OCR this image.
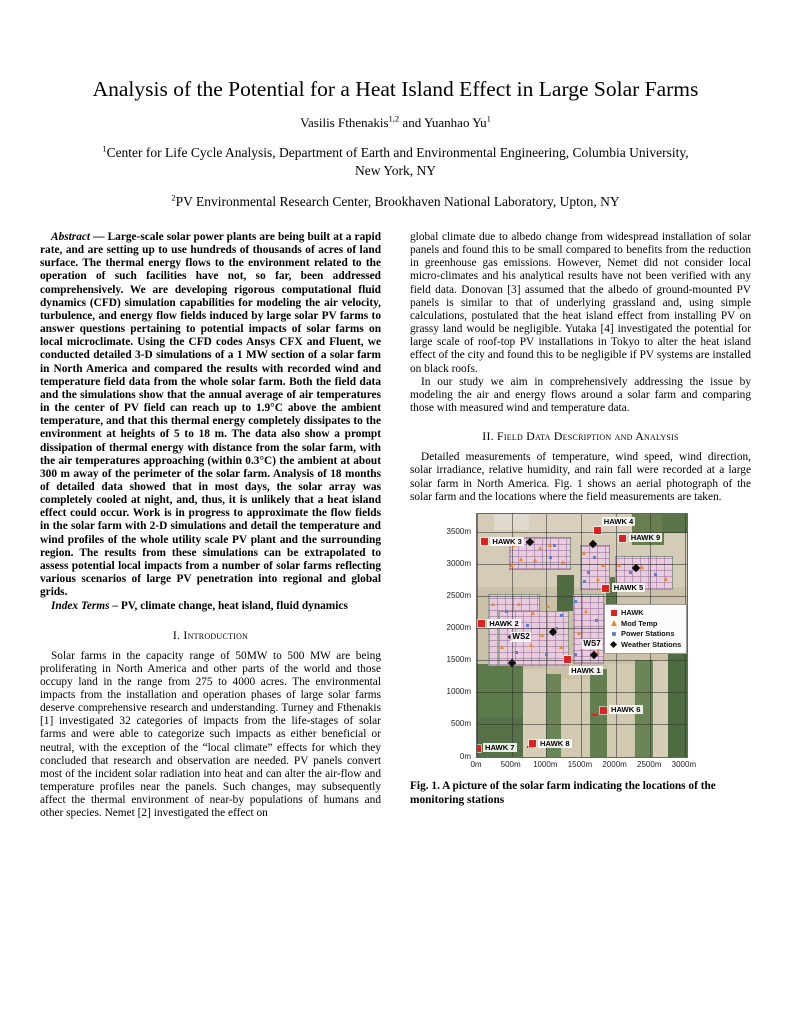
Analysis of the Potential for a Heat Island Effect in Large Solar Farms
Vasilis Fthenakis$^{1,2}$ and Yuanhao Yu$^1$
$^1$Center for Life Cycle Analysis, Department of Earth and Environmental Engineering, Columbia University, New York, NY
$^2$PV Environmental Research Center, Brookhaven National Laboratory, Upton, NY

Abstract — Large-scale solar power plants are being built at a rapid rate, and are setting up to use hundreds of thousands of acres of land surface. The thermal energy flows to the environment related to the operation of such facilities have not, so far, been addressed comprehensively. We are developing rigorous computational fluid dynamics (CFD) simulation capabilities for modeling the air velocity, turbulence, and energy flow fields induced by large solar PV farms to answer questions pertaining to potential impacts of solar farms on local microclimate. Using the CFD codes Ansys CFX and Fluent, we conducted detailed 3-D simulations of a 1 MW section of a solar farm in North America and compared the results with recorded wind and temperature field data from the whole solar farm. Both the field data and the simulations show that the annual average of air temperatures in the center of PV field can reach up to 1.9°C above the ambient temperature, and that this thermal energy completely dissipates to the environment at heights of 5 to 18 m. The data also show a prompt dissipation of thermal energy with distance from the solar farm, with the air temperatures approaching (within 0.3°C) the ambient at about 300 m away of the perimeter of the solar farm. Analysis of 18 months of detailed data showed that in most days, the solar array was completely cooled at night, and, thus, it is unlikely that a heat island effect could occur. Work is in progress to approximate the flow fields in the solar farm with 2-D simulations and detail the temperature and wind profiles of the whole utility scale PV plant and the surrounding region. The results from these simulations can be extrapolated to assess potential local impacts from a number of solar farms reflecting various scenarios of large PV penetration into regional and global grids.

Index Terms – PV, climate change, heat island, fluid dynamics

I. Introduction

Solar farms in the capacity range of 50MW to 500 MW are being proliferating in North America and other parts of the world and those occupy land in the range from 275 to 4000 acres. The environmental impacts from the installation and operation phases of large solar farms deserve comprehensive research and understanding. Turney and Fthenakis [1] investigated 32 categories of impacts from the life-stages of solar farms and were able to categorize such impacts as either beneficial or neutral, with the exception of the “local climate” effects for which they concluded that research and observation are needed. PV panels convert most of the incident solar radiation into heat and can alter the air-flow and temperature profiles near the panels. Such changes, may subsequently affect the thermal environment of near-by populations of humans and other species. Nemet [2] investigated the effect on

global climate due to albedo change from widespread installation of solar panels and found this to be small compared to benefits from the reduction in greenhouse gas emissions. However, Nemet did not consider local micro-climates and his analytical results have not been verified with any field data. Donovan [3] assumed that the albedo of ground-mounted PV panels is similar to that of underlying grassland and, using simple calculations, postulated that the heat island effect from installing PV on grassy land would be negligible. Yutaka [4] investigated the potential for large scale of roof-top PV installations in Tokyo to alter the heat island effect of the city and found this to be negligible if PV systems are installed on black roofs.

In our study we aim in comprehensively addressing the issue by modeling the air and energy flows around a solar farm and comparing those with measured wind and temperature data.

II. Field Data Description and Analysis

Detailed measurements of temperature, wind speed, wind direction, solar irradiance, relative humidity, and rain fall were recorded at a large solar farm in North America. Fig. 1 shows an aerial photograph of the solar farm and the locations where the field measurements are taken.

3500m
3000m
2500m
2000m
1500m
1000m
500m
0m
HAWK 3
HAWK 4
HAWK 9
HAWK 5
HAWK 2
HAWK 1
HAWK 6
HAWK 8
HAWK 7
WS2
WS7
HAWK
Mod Temp
Power Stations
Weather Stations
0m 500m 1000m 1500m 2000m 2500m 3000m

Fig. 1. A picture of the solar farm indicating the locations of the monitoring stations
